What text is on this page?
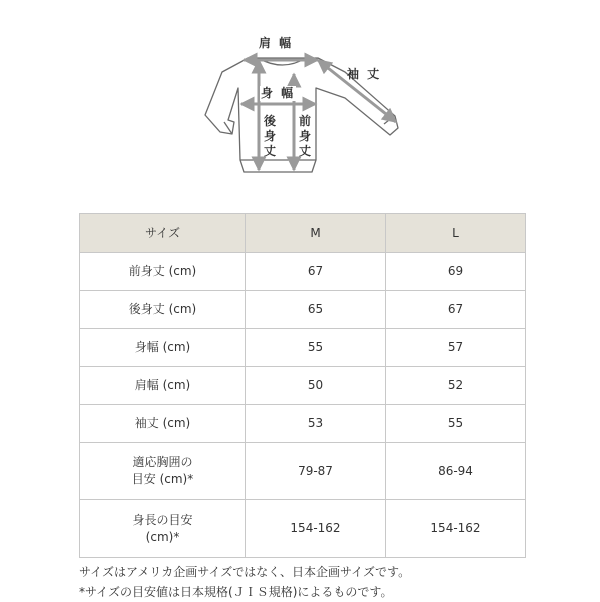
肩 幅
袖 丈
身 幅
後
身
丈
前
身
丈
サイズ	M	L
前身丈 (cm)	67	69
後身丈 (cm)	65	67
身幅 (cm)	55	57
肩幅 (cm)	50	52
袖丈 (cm)	53	55
適応胸囲の
目安 (cm)*	79-87	86-94
身長の目安
(cm)*	154-162	154-162
サイズはアメリカ企画サイズではなく、日本企画サイズです。
*サイズの目安値は日本規格(ＪＩＳ規格)によるものです。
